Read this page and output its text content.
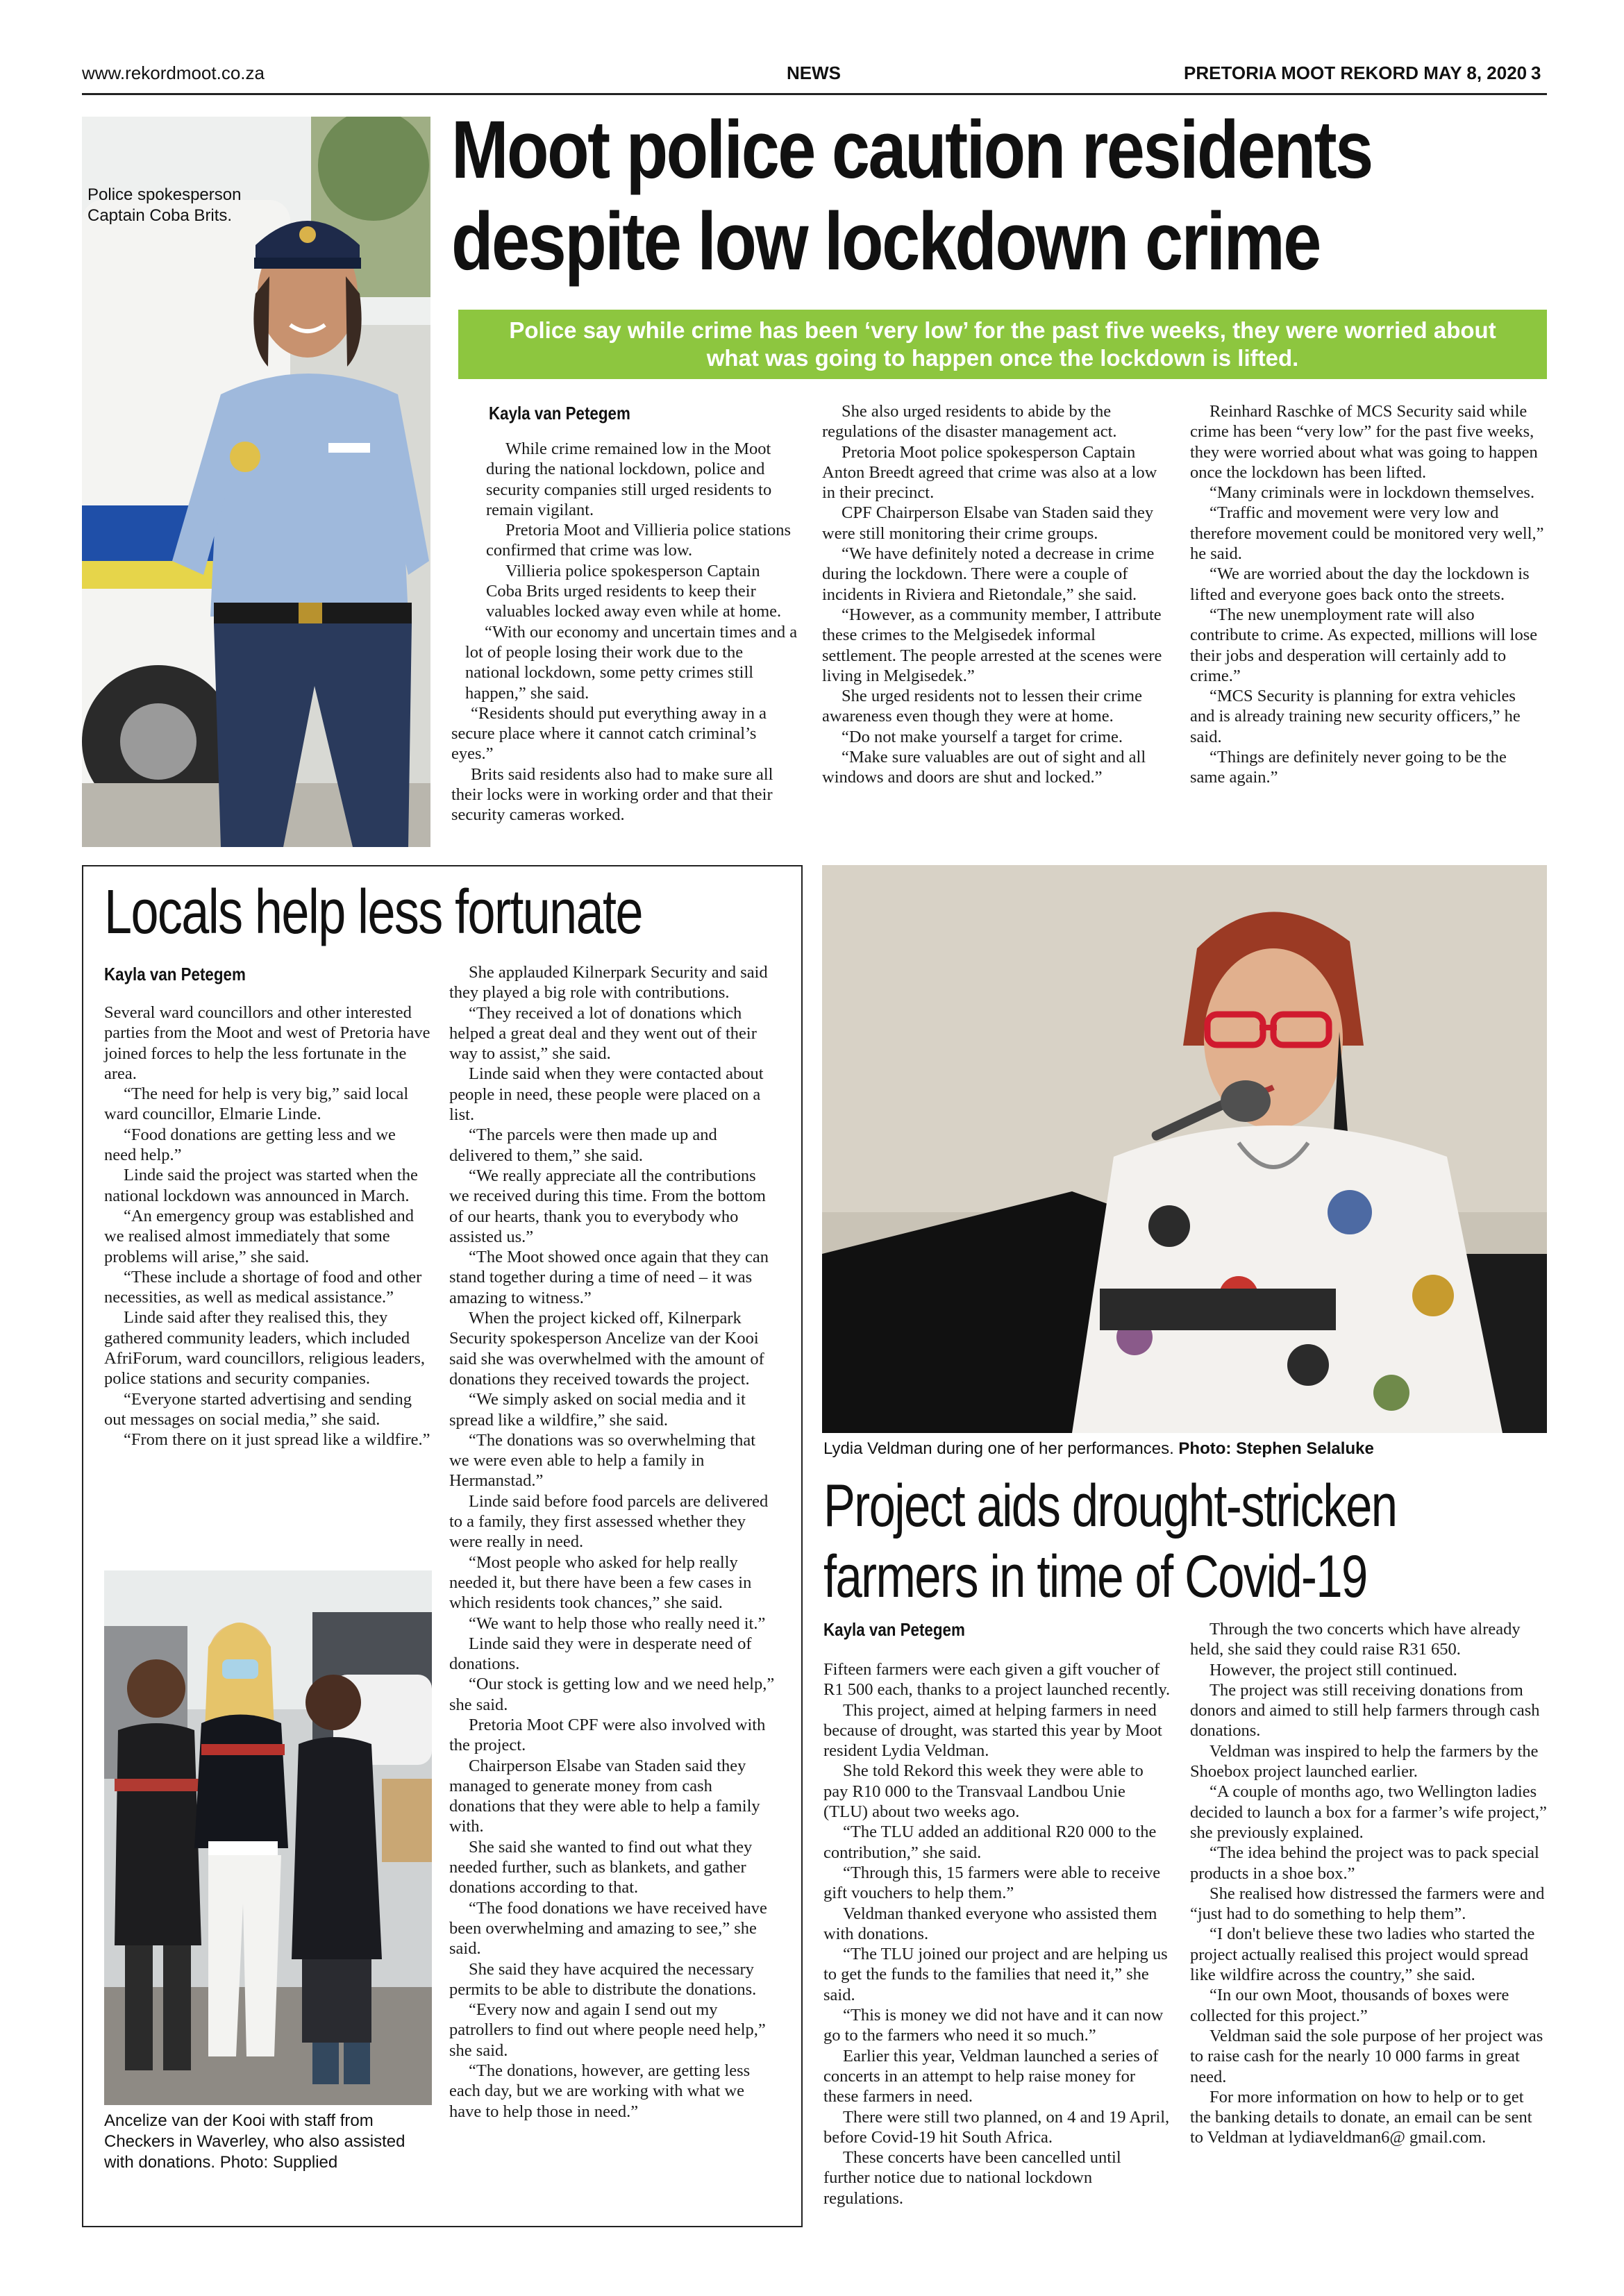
www.rekordmoot.co.za	NEWS	PRETORIA MOOT REKORD MAY 8, 2020 3
Police spokesperson
Captain Coba Brits.
Moot police caution residents
despite low lockdown crime
Police say while crime has been ‘very low’ for the past five weeks, they were worried about
what was going to happen once the lockdown is lifted.
Kayla van Petegem

While crime remained low in the Moot during the national lockdown, police and security companies still urged residents to remain vigilant.

Pretoria Moot and Villieria police stations confirmed that crime was low.

Villieria police spokesperson Captain Coba Brits urged residents to keep their valuables locked away even while at home.

“With our economy and uncertain times and a lot of people losing their work due to the national lockdown, some petty crimes still happen,” she said.

“Residents should put everything away in a secure place where it cannot catch criminal’s eyes.”

Brits said residents also had to make sure all their locks were in working order and that their security cameras worked.

She also urged residents to abide by the regulations of the disaster management act.

Pretoria Moot police spokesperson Captain Anton Breedt agreed that crime was also at a low in their precinct.

CPF Chairperson Elsabe van Staden said they were still monitoring their crime groups.

“We have definitely noted a decrease in crime during the lockdown. There were a couple of incidents in Riviera and Rietondale,” she said.

“However, as a community member, I attribute these crimes to the Melgisedek informal settlement. The people arrested at the scenes were living in Melgisedek.”

She urged residents not to lessen their crime awareness even though they were at home.

“Do not make yourself a target for crime.

“Make sure valuables are out of sight and all windows and doors are shut and locked.”

Reinhard Raschke of MCS Security said while crime has been “very low” for the past five weeks, they were worried about what was going to happen once the lockdown has been lifted.

“Many criminals were in lockdown themselves.

“Traffic and movement were very low and therefore movement could be monitored very well,” he said.

“We are worried about the day the lockdown is lifted and everyone goes back onto the streets.

“The new unemployment rate will also contribute to crime. As expected, millions will lose their jobs and desperation will certainly add to crime.”

“MCS Security is planning for extra vehicles and is already training new security officers,” he said.

“Things are definitely never going to be the same again.”

Locals help less fortunate
Kayla van Petegem

Several ward councillors and other interested parties from the Moot and west of Pretoria have joined forces to help the less fortunate in the area.

“The need for help is very big,” said local ward councillor, Elmarie Linde.

“Food donations are getting less and we need help.”

Linde said the project was started when the national lockdown was announced in March.

“An emergency group was established and we realised almost immediately that some problems will arise,” she said.

“These include a shortage of food and other necessities, as well as medical assistance.”

Linde said after they realised this, they gathered community leaders, which included AfriForum, ward councillors, religious leaders, police stations and security companies.

“Everyone started advertising and sending out messages on social media,” she said.

“From there on it just spread like a wildfire.”

Ancelize van der Kooi with staff from
Checkers in Waverley, who also assisted
with donations. Photo: Supplied

She applauded Kilnerpark Security and said they played a big role with contributions.

“They received a lot of donations which helped a great deal and they went out of their way to assist,” she said.

Linde said when they were contacted about people in need, these people were placed on a list.

“The parcels were then made up and delivered to them,” she said.

“We really appreciate all the contributions we received during this time. From the bottom of our hearts, thank you to everybody who assisted us.”

“The Moot showed once again that they can stand together during a time of need – it was amazing to witness.”

When the project kicked off, Kilnerpark Security spokesperson Ancelize van der Kooi said she was overwhelmed with the amount of donations they received towards the project.

“We simply asked on social media and it spread like a wildfire,” she said.

“The donations was so overwhelming that we were even able to help a family in Hermanstad.”

Linde said before food parcels are delivered to a family, they first assessed whether they were really in need.

“Most people who asked for help really needed it, but there have been a few cases in which residents took chances,” she said.

“We want to help those who really need it.”

Linde said they were in desperate need of donations.

“Our stock is getting low and we need help,” she said.

Pretoria Moot CPF were also involved with the project.

Chairperson Elsabe van Staden said they managed to generate money from cash donations that they were able to help a family with.

She said she wanted to find out what they needed further, such as blankets, and gather donations according to that.

“The food donations we have received have been overwhelming and amazing to see,” she said.

She said they have acquired the necessary permits to be able to distribute the donations.

“Every now and again I send out my patrollers to find out where people need help,” she said.

“The donations, however, are getting less each day, but we are working with what we have to help those in need.”

Lydia Veldman during one of her performances. Photo: Stephen Selaluke
Project aids drought-stricken
farmers in time of Covid-19
Kayla van Petegem

Fifteen farmers were each given a gift voucher of R1 500 each, thanks to a project launched recently.

This project, aimed at helping farmers in need because of drought, was started this year by Moot resident Lydia Veldman.

She told Rekord this week they were able to pay R10 000 to the Transvaal Landbou Unie (TLU) about two weeks ago.

“The TLU added an additional R20 000 to the contribution,” she said.

“Through this, 15 farmers were able to receive gift vouchers to help them.”

Veldman thanked everyone who assisted them with donations.

“The TLU joined our project and are helping us to get the funds to the families that need it,” she said.

“This is money we did not have and it can now go to the farmers who need it so much.”

Earlier this year, Veldman launched a series of concerts in an attempt to help raise money for these farmers in need.

There were still two planned, on 4 and 19 April, before Covid-19 hit South Africa.

These concerts have been cancelled until further notice due to national lockdown regulations.

Through the two concerts which have already held, she said they could raise R31 650.

However, the project still continued.

The project was still receiving donations from donors and aimed to still help farmers through cash donations.

Veldman was inspired to help the farmers by the Shoebox project launched earlier.

“A couple of months ago, two Wellington ladies decided to launch a box for a farmer’s wife project,” she previously explained.

“The idea behind the project was to pack special products in a shoe box.”

She realised how distressed the farmers were and “just had to do something to help them”.

“I don't believe these two ladies who started the project actually realised this project would spread like wildfire across the country,” she said.

“In our own Moot, thousands of boxes were collected for this project.”

Veldman said the sole purpose of her project was to raise cash for the nearly 10 000 farms in great need.

For more information on how to help or to get the banking details to donate, an email can be sent to Veldman at lydiaveldman6@ gmail.com.
